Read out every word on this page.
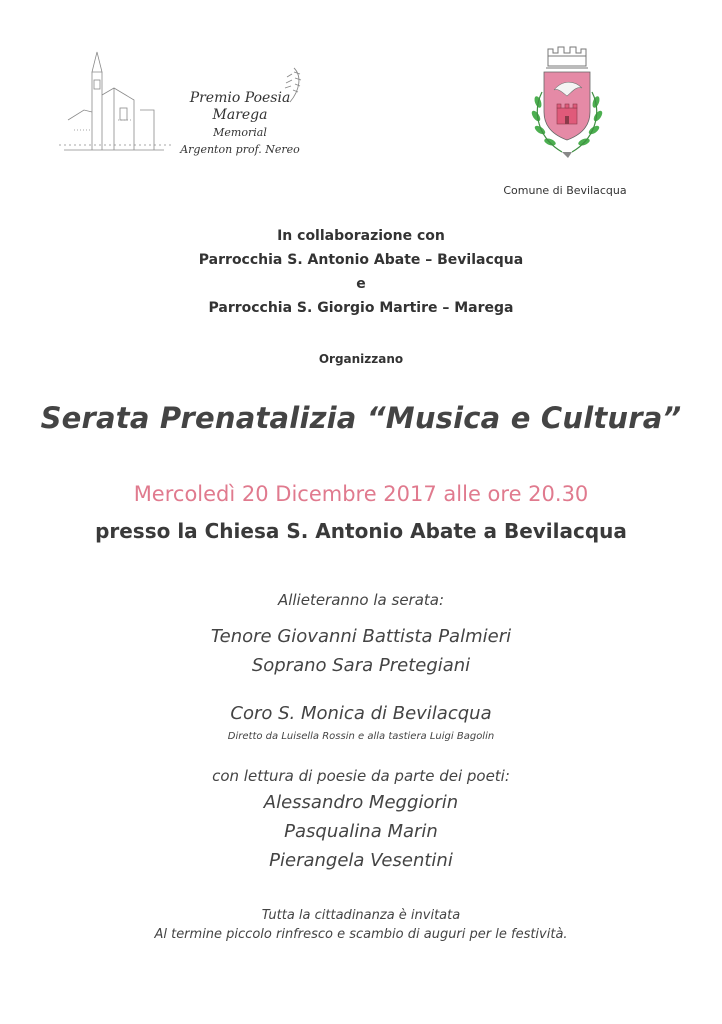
Premio Poesia Marega
Memorial
Argenton prof. Nereo
Comune di Bevilacqua
In collaborazione con
Parrocchia S. Antonio Abate – Bevilacqua
e
Parrocchia S. Giorgio Martire – Marega
Organizzano
Serata Prenatalizia “Musica e Cultura”
Mercoledì 20 Dicembre 2017 alle ore 20.30
presso la Chiesa S. Antonio Abate a Bevilacqua
Allieteranno la serata:
Tenore Giovanni Battista Palmieri
Soprano Sara Pretegiani
Coro S. Monica di Bevilacqua
Diretto da Luisella Rossin e alla tastiera Luigi Bagolin
con lettura di poesie da parte dei poeti:
Alessandro Meggiorin
Pasqualina Marin
Pierangela Vesentini
Tutta la cittadinanza è invitata
Al termine piccolo rinfresco e scambio di auguri per le festività.
